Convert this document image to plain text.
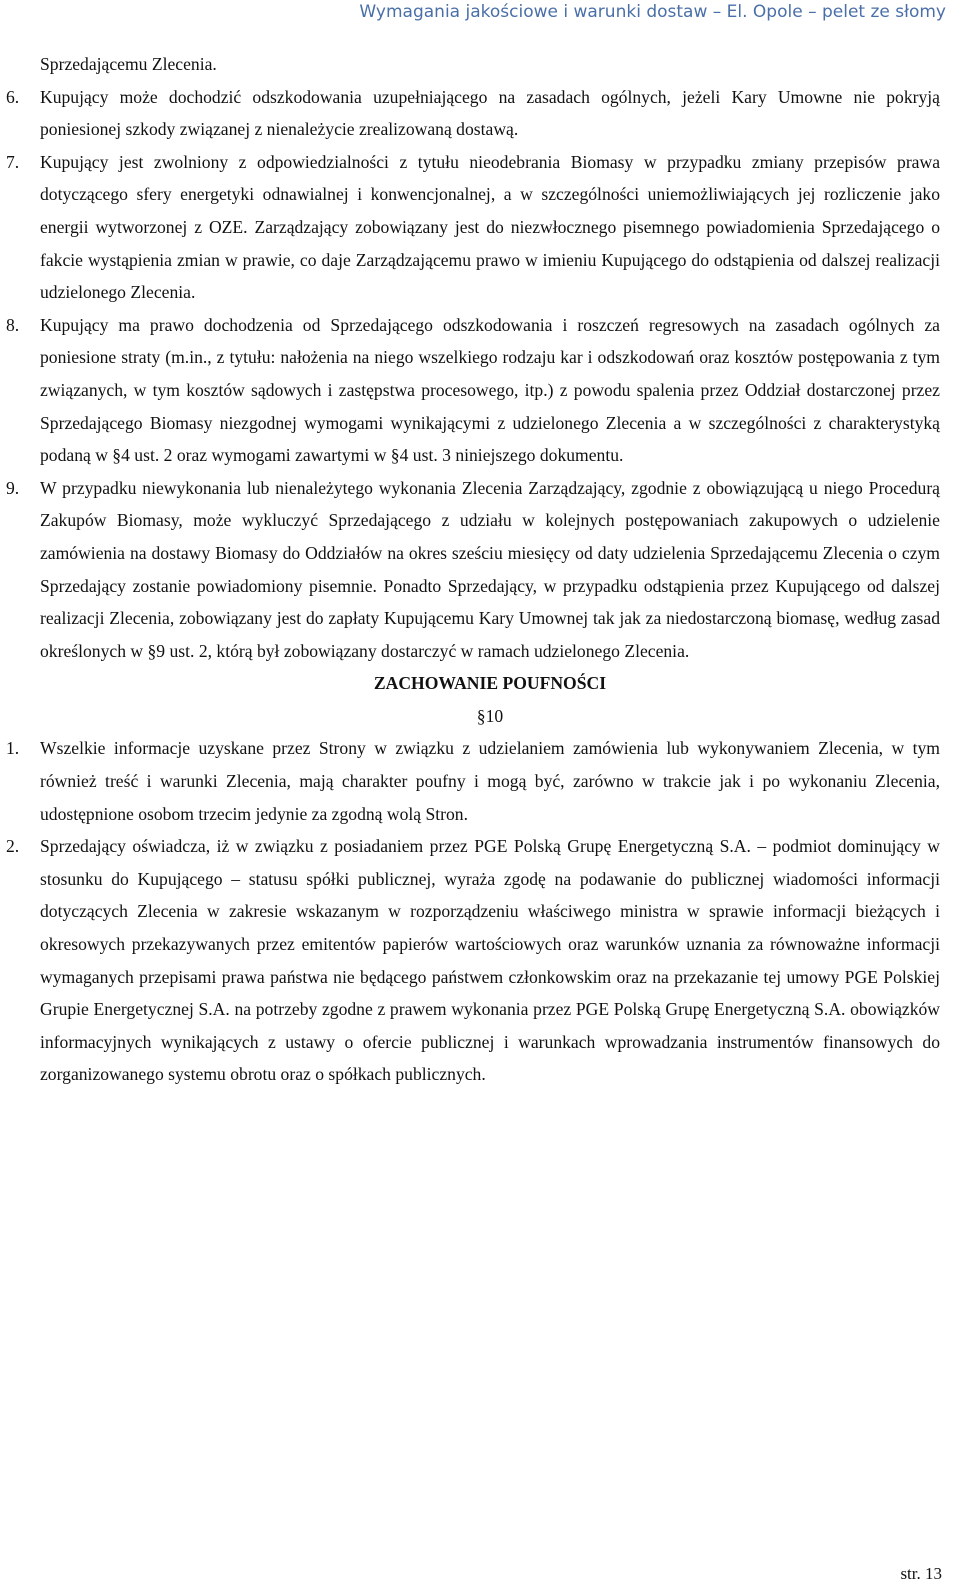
Wymagania jakościowe i warunki dostaw – El. Opole – pelet ze słomy

Sprzedającemu Zlecenia.

6. Kupujący może dochodzić odszkodowania uzupełniającego na zasadach ogólnych, jeżeli Kary Umowne nie pokryją poniesionej szkody związanej z nienależycie zrealizowaną dostawą.
7. Kupujący jest zwolniony z odpowiedzialności z tytułu nieodebrania Biomasy w przypadku zmiany przepisów prawa dotyczącego sfery energetyki odnawialnej i konwencjonalnej, a w szczególności uniemożliwiających jej rozliczenie jako energii wytworzonej z OZE. Zarządzający zobowiązany jest do niezwłocznego pisemnego powiadomienia Sprzedającego o fakcie wystąpienia zmian w prawie, co daje Zarządzającemu prawo w imieniu Kupującego do odstąpienia od dalszej realizacji udzielonego Zlecenia.
8. Kupujący ma prawo dochodzenia od Sprzedającego odszkodowania i roszczeń regresowych na zasadach ogólnych za poniesione straty (m.in., z tytułu: nałożenia na niego wszelkiego rodzaju kar i odszkodowań oraz kosztów postępowania z tym związanych, w tym kosztów sądowych i zastępstwa procesowego, itp.) z powodu spalenia przez Oddział dostarczonej przez Sprzedającego Biomasy niezgodnej wymogami wynikającymi z udzielonego Zlecenia a w szczególności z charakterystyką podaną w §4 ust. 2 oraz wymogami zawartymi w §4 ust. 3 niniejszego dokumentu.
9. W przypadku niewykonania lub nienależytego wykonania Zlecenia Zarządzający, zgodnie z obowiązującą u niego Procedurą Zakupów Biomasy, może wykluczyć Sprzedającego z udziału w kolejnych postępowaniach zakupowych o udzielenie zamówienia na dostawy Biomasy do Oddziałów na okres sześciu miesięcy od daty udzielenia Sprzedającemu Zlecenia o czym Sprzedający zostanie powiadomiony pisemnie. Ponadto Sprzedający, w przypadku odstąpienia przez Kupującego od dalszej realizacji Zlecenia, zobowiązany jest do zapłaty Kupującemu Kary Umownej tak jak za niedostarczoną biomasę, według zasad określonych w §9 ust. 2, którą był zobowiązany dostarczyć w ramach udzielonego Zlecenia.

ZACHOWANIE POUFNOŚCI

§10

1. Wszelkie informacje uzyskane przez Strony w związku z udzielaniem zamówienia lub wykonywaniem Zlecenia, w tym również treść i warunki Zlecenia, mają charakter poufny i mogą być, zarówno w trakcie jak i po wykonaniu Zlecenia, udostępnione osobom trzecim jedynie za zgodną wolą Stron.
2. Sprzedający oświadcza, iż w związku z posiadaniem przez PGE Polską Grupę Energetyczną S.A. – podmiot dominujący w stosunku do Kupującego – statusu spółki publicznej, wyraża zgodę na podawanie do publicznej wiadomości informacji dotyczących Zlecenia w zakresie wskazanym w rozporządzeniu właściwego ministra w sprawie informacji bieżących i okresowych przekazywanych przez emitentów papierów wartościowych oraz warunków uznania za równoważne informacji wymaganych przepisami prawa państwa nie będącego państwem członkowskim oraz na przekazanie tej umowy PGE Polskiej Grupie Energetycznej S.A. na potrzeby zgodne z prawem wykonania przez PGE Polską Grupę Energetyczną S.A. obowiązków informacyjnych wynikających z ustawy o ofercie publicznej i warunkach wprowadzania instrumentów finansowych do zorganizowanego systemu obrotu oraz o spółkach publicznych.
str. 13
